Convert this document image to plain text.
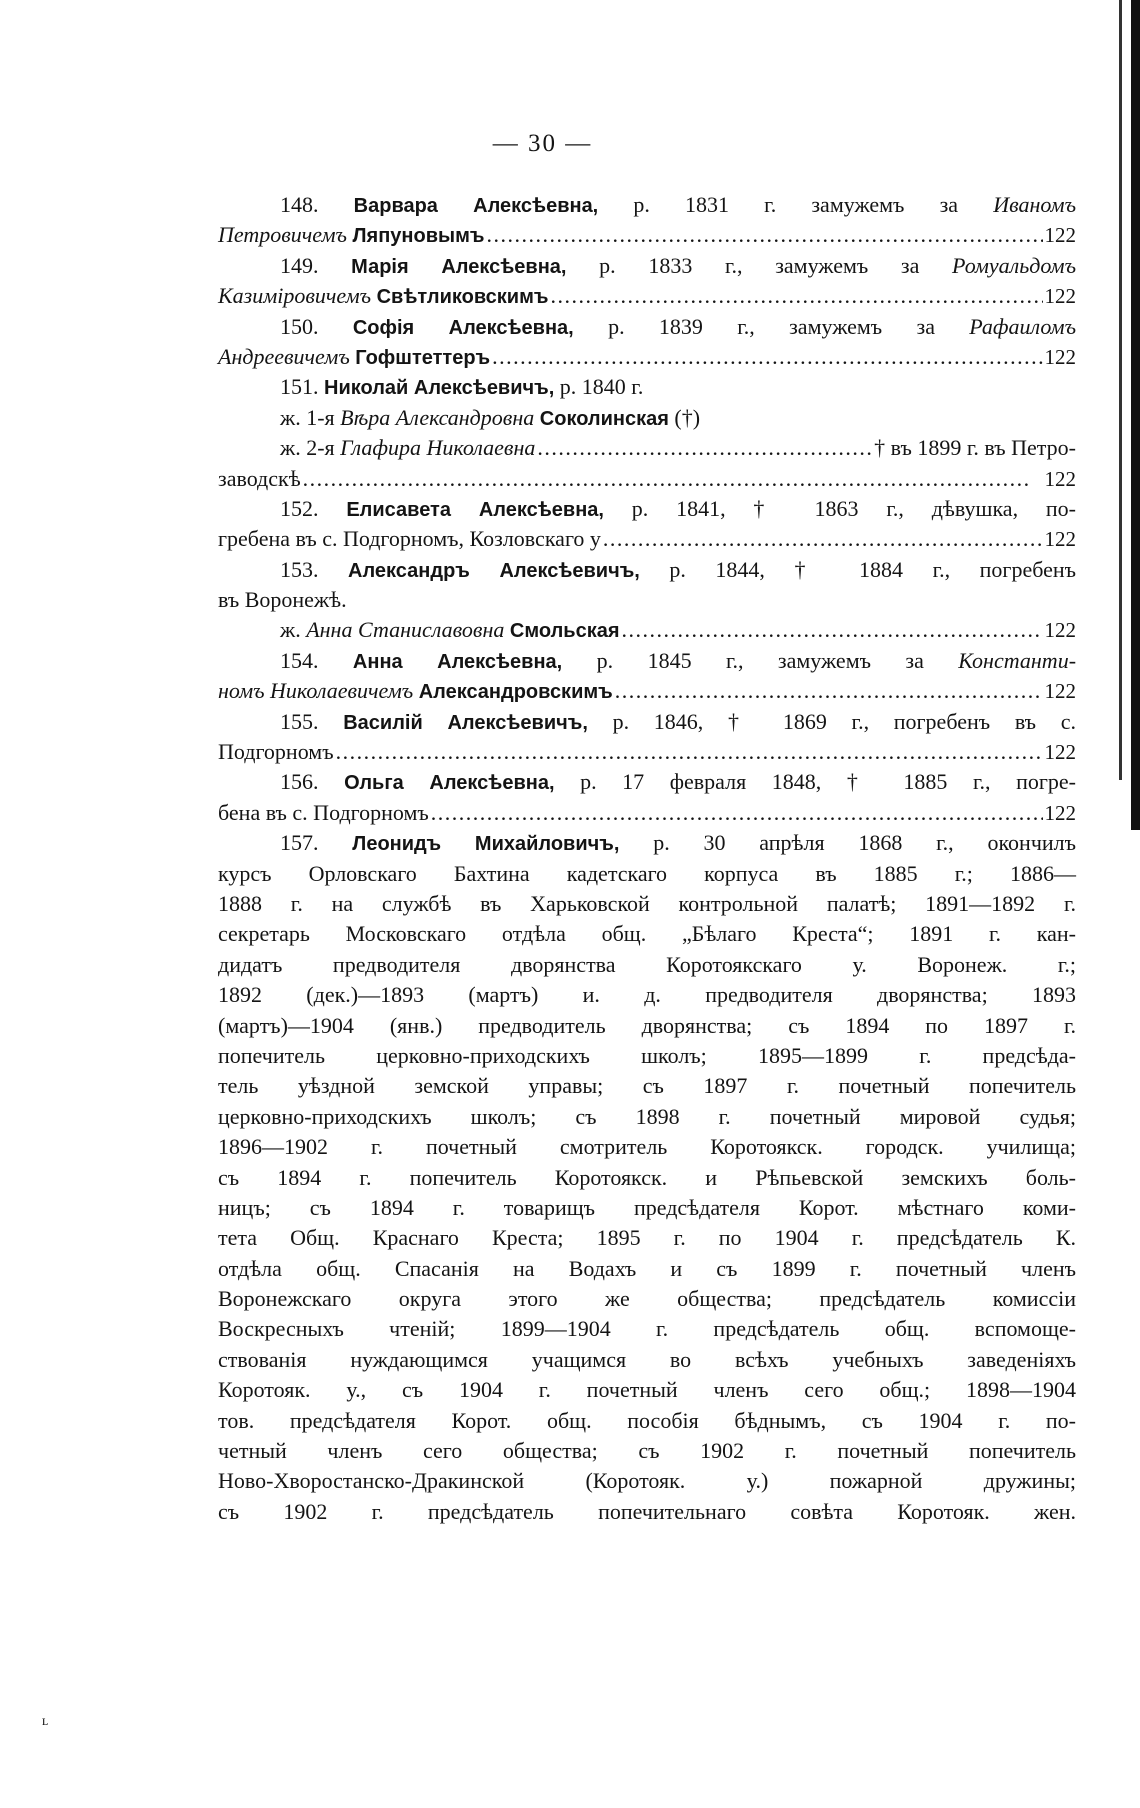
— 30 —
148. Варвара Алексѣевна, р. 1831 г. замужемъ за Иваномъ
Петровичемъ Ляпуновымъ . . .	122
149. Марія Алексѣевна, р. 1833 г., замужемъ за Ромуальдомъ
Казиміровичемъ Свѣтликовскимъ . . .	122
150. Софія Алексѣевна, р. 1839 г., замужемъ за Рафаиломъ
Андреевичемъ Гофштеттеръ . . .	122
151. Николай Алексѣевичъ, р. 1840 г.
ж. 1-я Вѣра Александровна Соколинская (†)
ж. 2-я Глафира Николаевна . . .	† въ 1899 г. въ Петро-
заводскѣ . . .	122
152. Елисавета Алексѣевна, р. 1841, † 1863 г., дѣвушка, по-
гребена въ с. Подгорномъ, Козловскаго у . . .	122
153. Александръ Алексѣевичъ, р. 1844, † 1884 г., погребенъ
въ Воронежѣ.
ж. Анна Станиславовна Смольская . . .	122
154. Анна Алексѣевна, р. 1845 г., замужемъ за Константи-
номъ Николаевичемъ Александровскимъ . . .	122
155. Василій Алексѣевичъ, р. 1846, † 1869 г., погребенъ въ с.
Подгорномъ . . .	122
156. Ольга Алексѣевна, р. 17 февраля 1848, † 1885 г., погре-
бена въ с. Подгорномъ . . .	122
157. Леонидъ Михайловичъ, р. 30 апрѣля 1868 г., окончилъ
курсъ Орловскаго Бахтина кадетскаго корпуса въ 1885 г.; 1886—
1888 г. на службѣ въ Харьковской контрольной палатѣ; 1891—1892 г.
секретарь Московскаго отдѣла общ. „Бѣлаго Креста“; 1891 г. кан-
дидатъ предводителя дворянства Коротоякскаго у. Воронеж. г.;
1892 (дек.)—1893 (мартъ) и. д. предводителя дворянства; 1893
(мартъ)—1904 (янв.) предводитель дворянства; съ 1894 по 1897 г.
попечитель церковно-приходскихъ школъ; 1895—1899 г. предсѣда-
тель уѣздной земской управы; съ 1897 г. почетный попечитель
церковно-приходскихъ школъ; съ 1898 г. почетный мировой судья;
1896—1902 г. почетный смотритель Коротоякск. городск. училища;
съ 1894 г. попечитель Коротоякск. и Рѣпьевской земскихъ боль-
ницъ; съ 1894 г. товарищъ предсѣдателя Корот. мѣстнаго коми-
тета Общ. Краснаго Креста; 1895 г. по 1904 г. предсѣдатель К.
отдѣла общ. Спасанія на Водахъ и съ 1899 г. почетный членъ
Воронежскаго округа этого же общества; предсѣдатель комиссіи
Воскресныхъ чтеній; 1899—1904 г. предсѣдатель общ. вспомоще-
ствованія нуждающимся учащимся во всѣхъ учебныхъ заведеніяхъ
Коротояк. у., съ 1904 г. почетный членъ сего общ.; 1898—1904
тов. предсѣдателя Корот. общ. пособія бѣднымъ, съ 1904 г. по-
четный членъ сего общества; съ 1902 г. почетный попечитель
Ново-Хворостанско-Дракинской (Коротояк. у.) пожарной дружины;
съ 1902 г. предсѣдатель попечительнаго совѣта Коротояк. жен.
ʟ
